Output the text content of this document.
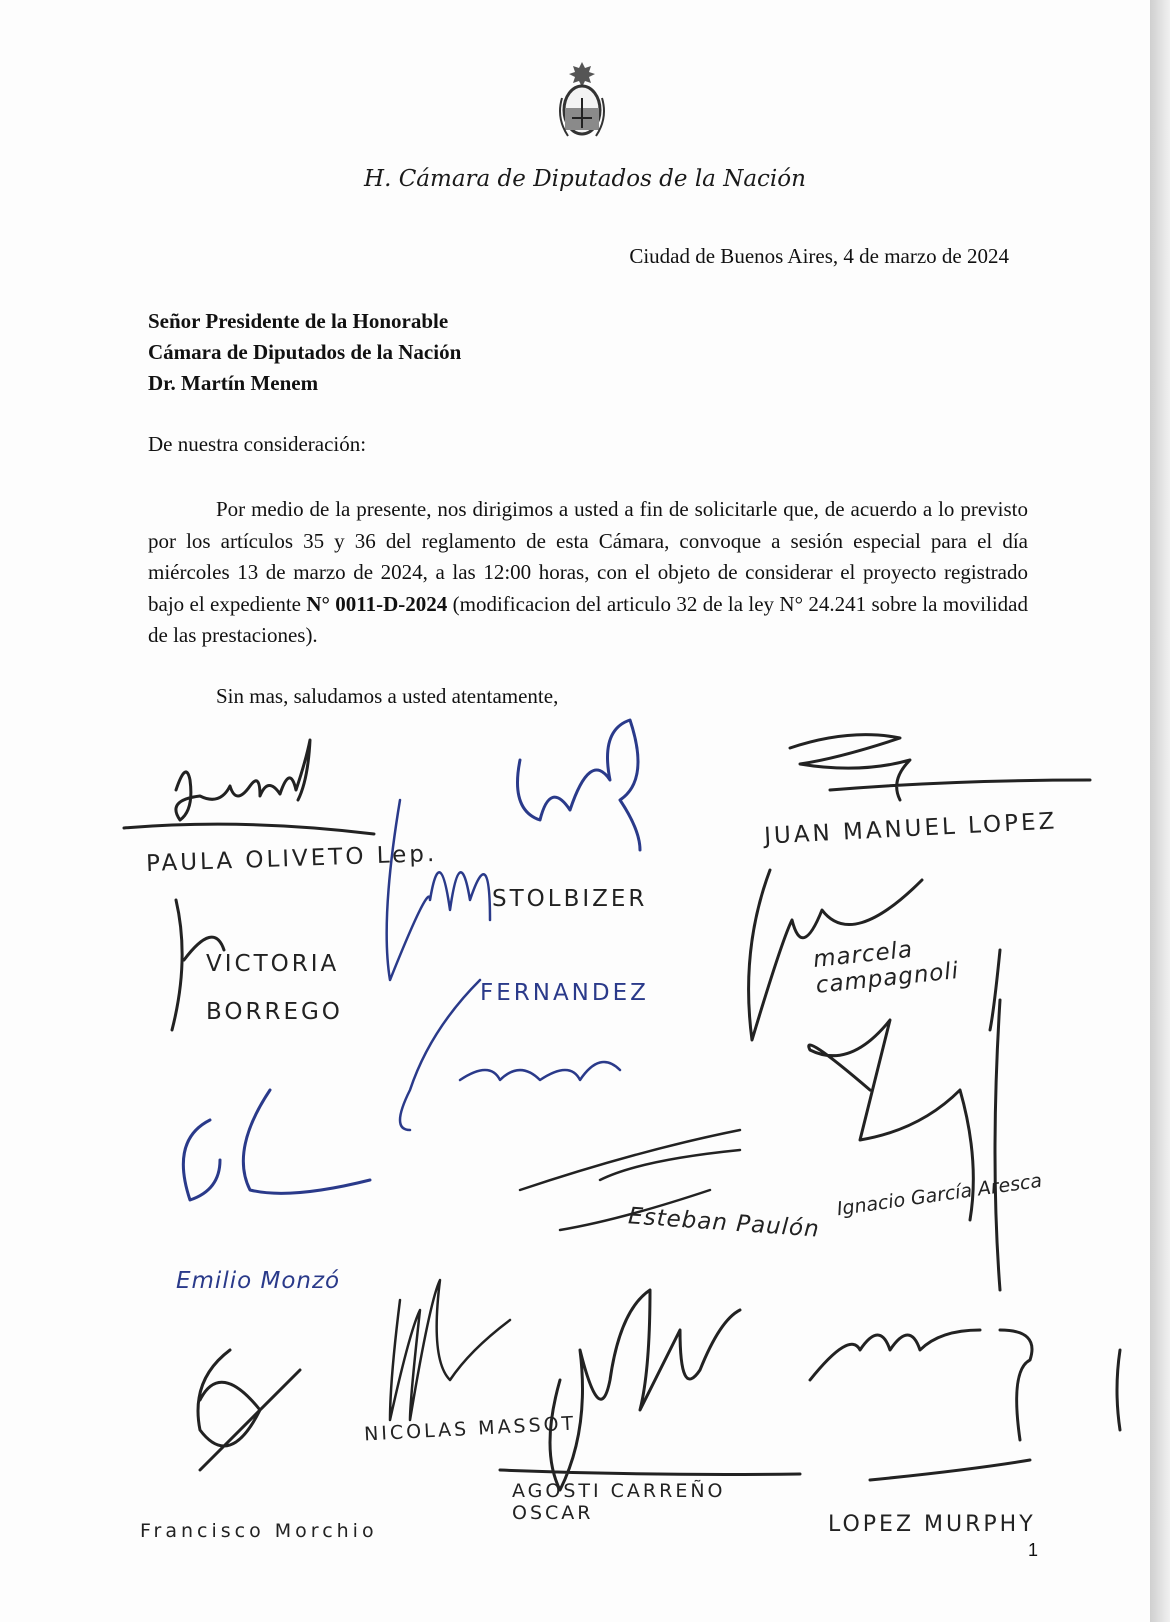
H. Cámara de Diputados de la Nación
Ciudad de Buenos Aires, 4 de marzo de 2024
Señor Presidente de la Honorable
Cámara de Diputados de la Nación
Dr. Martín Menem
De nuestra consideración:
Por medio de la presente, nos dirigimos a usted a fin de solicitarle que, de acuerdo a lo previsto por los artículos 35 y 36 del reglamento de esta Cámara, convoque a sesión especial para el día miércoles 13 de marzo de 2024, a las 12:00 horas, con el objeto de considerar el proyecto registrado bajo el expediente N° 0011-D-2024 (modificacion del articulo 32 de la ley N° 24.241 sobre la movilidad de las prestaciones).
Sin mas, saludamos a usted atentamente,
PAULA OLIVETO Lep.
STOLBIZER
JUAN MANUEL LOPEZ
VICTORIA BORREGO
FERNANDEZ
marcela campagnoli
Emilio Monzó
Esteban Paulón
Ignacio García Aresca
NICOLAS MASSOT
AGOSTI CARREÑO OSCAR
Francisco Morchio	LOPEZ MURPHY
1
